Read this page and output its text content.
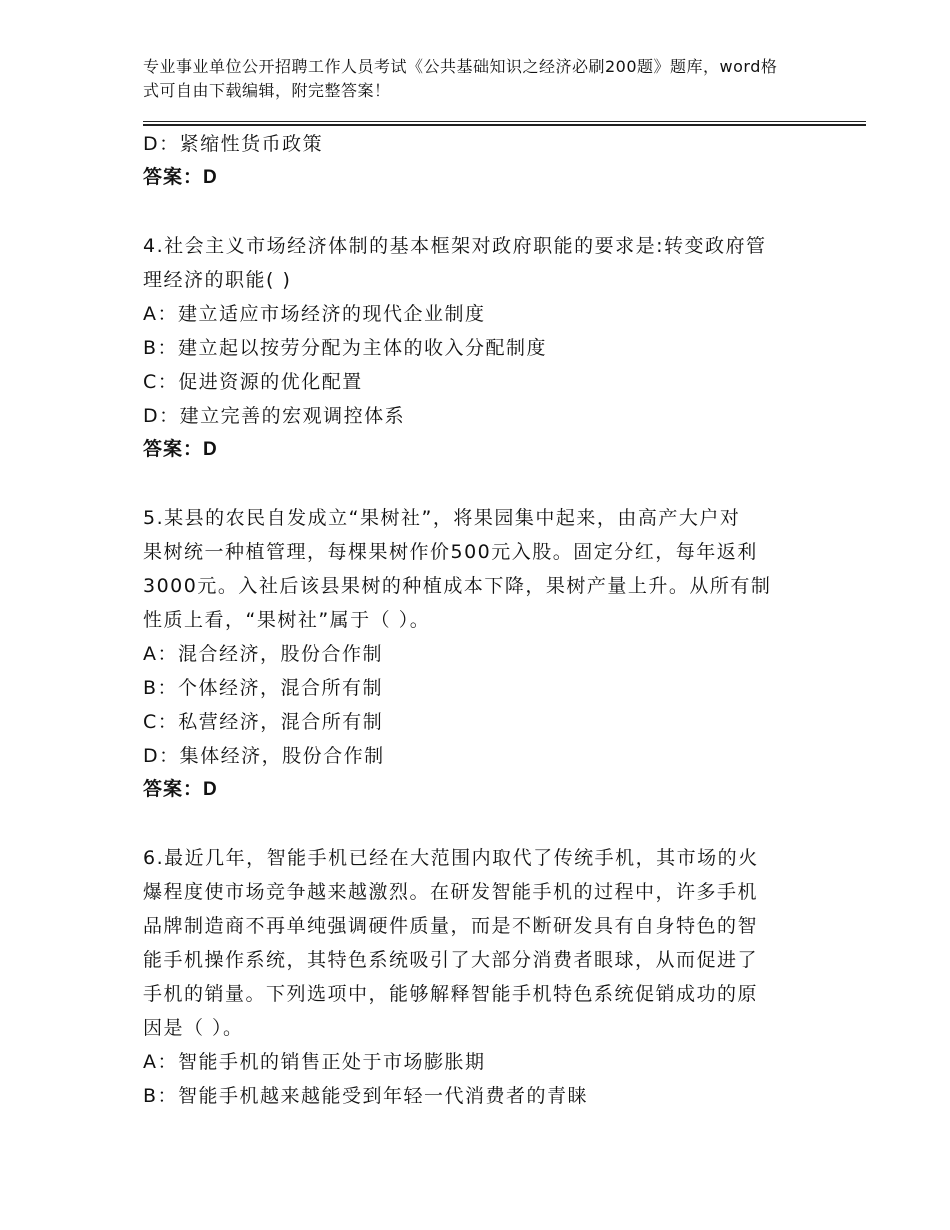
专业事业单位公开招聘工作人员考试《公共基础知识之经济必刷200题》题库，word格式可自由下载编辑，附完整答案！
D：紧缩性货币政策
答案：D
4.社会主义市场经济体制的基本框架对政府职能的要求是:转变政府管
理经济的职能( )
A：建立适应市场经济的现代企业制度
B：建立起以按劳分配为主体的收入分配制度
C：促进资源的优化配置
D：建立完善的宏观调控体系
答案：D
5.某县的农民自发成立“果树社”，将果园集中起来，由高产大户对
果树统一种植管理，每棵果树作价500元入股。固定分红，每年返利
3000元。入社后该县果树的种植成本下降，果树产量上升。从所有制
性质上看，“果树社”属于（ ）。
A：混合经济，股份合作制
B：个体经济，混合所有制
C：私营经济，混合所有制
D：集体经济，股份合作制
答案：D
6.最近几年，智能手机已经在大范围内取代了传统手机，其市场的火
爆程度使市场竞争越来越激烈。在研发智能手机的过程中，许多手机
品牌制造商不再单纯强调硬件质量，而是不断研发具有自身特色的智
能手机操作系统，其特色系统吸引了大部分消费者眼球，从而促进了
手机的销量。下列选项中，能够解释智能手机特色系统促销成功的原
因是（ ）。
A：智能手机的销售正处于市场膨胀期
B：智能手机越来越能受到年轻一代消费者的青睐
